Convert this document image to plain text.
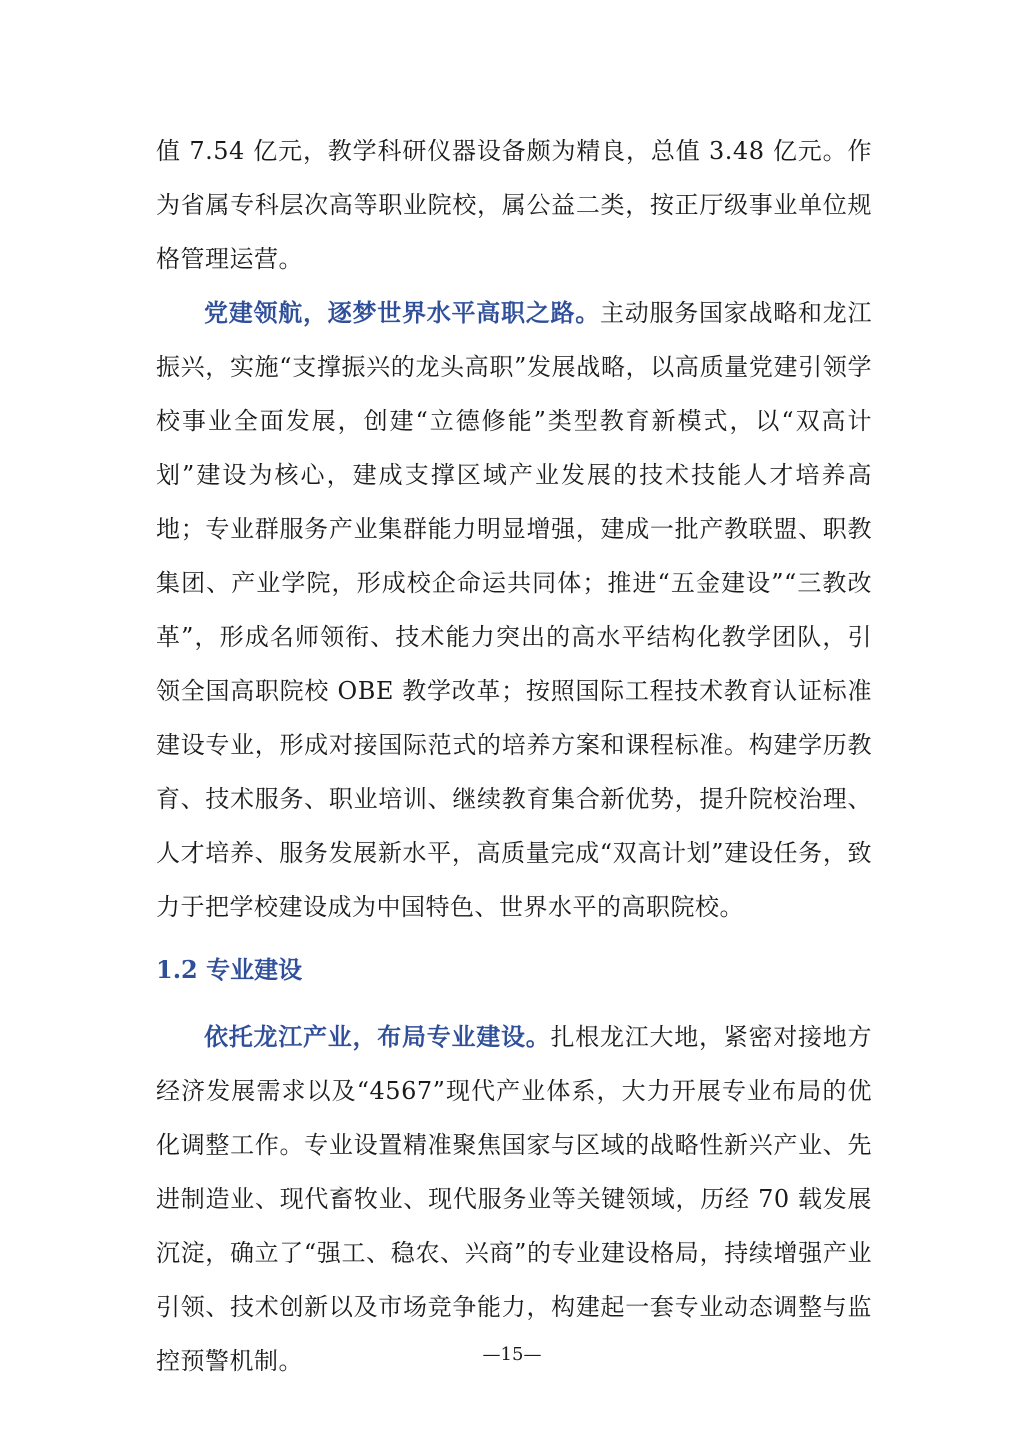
值 7.54 亿元，教学科研仪器设备颇为精良，总值 3.48 亿元。作为省属专科层次高等职业院校，属公益二类，按正厅级事业单位规格管理运营。

党建领航，逐梦世界水平高职之路。主动服务国家战略和龙江振兴，实施“支撑振兴的龙头高职”发展战略，以高质量党建引领学校事业全面发展，创建“立德修能”类型教育新模式，以“双高计划”建设为核心，建成支撑区域产业发展的技术技能人才培养高地；专业群服务产业集群能力明显增强，建成一批产教联盟、职教集团、产业学院，形成校企命运共同体；推进“五金建设”“三教改革”，形成名师领衔、技术能力突出的高水平结构化教学团队，引领全国高职院校 OBE 教学改革；按照国际工程技术教育认证标准建设专业，形成对接国际范式的培养方案和课程标准。构建学历教育、技术服务、职业培训、继续教育集合新优势，提升院校治理、人才培养、服务发展新水平，高质量完成“双高计划”建设任务，致力于把学校建设成为中国特色、世界水平的高职院校。

1.2 专业建设

依托龙江产业，布局专业建设。扎根龙江大地，紧密对接地方经济发展需求以及“4567”现代产业体系，大力开展专业布局的优化调整工作。专业设置精准聚焦国家与区域的战略性新兴产业、先进制造业、现代畜牧业、现代服务业等关键领域，历经 70 载发展沉淀，确立了“强工、稳农、兴商”的专业建设格局，持续增强产业引领、技术创新以及市场竞争能力，构建起一套专业动态调整与监控预警机制。	—15—
